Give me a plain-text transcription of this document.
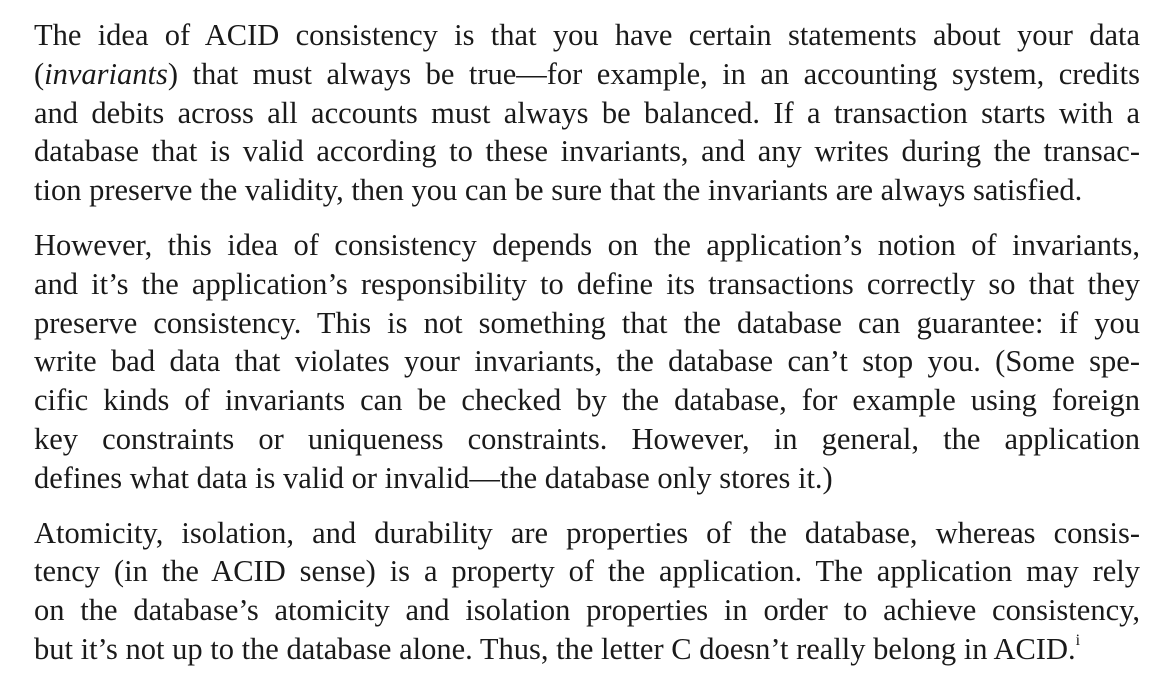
The idea of ACID consistency is that you have certain statements about your data
(invariants) that must always be true—for example, in an accounting system, credits
and debits across all accounts must always be balanced. If a transaction starts with a
database that is valid according to these invariants, and any writes during the transac-
tion preserve the validity, then you can be sure that the invariants are always satisfied.
However, this idea of consistency depends on the application’s notion of invariants,
and it’s the application’s responsibility to define its transactions correctly so that they
preserve consistency. This is not something that the database can guarantee: if you
write bad data that violates your invariants, the database can’t stop you. (Some spe-
cific kinds of invariants can be checked by the database, for example using foreign
key constraints or uniqueness constraints. However, in general, the application
defines what data is valid or invalid—the database only stores it.)
Atomicity, isolation, and durability are properties of the database, whereas consis-
tency (in the ACID sense) is a property of the application. The application may rely
on the database’s atomicity and isolation properties in order to achieve consistency,
but it’s not up to the database alone. Thus, the letter C doesn’t really belong in ACID.$^i$
